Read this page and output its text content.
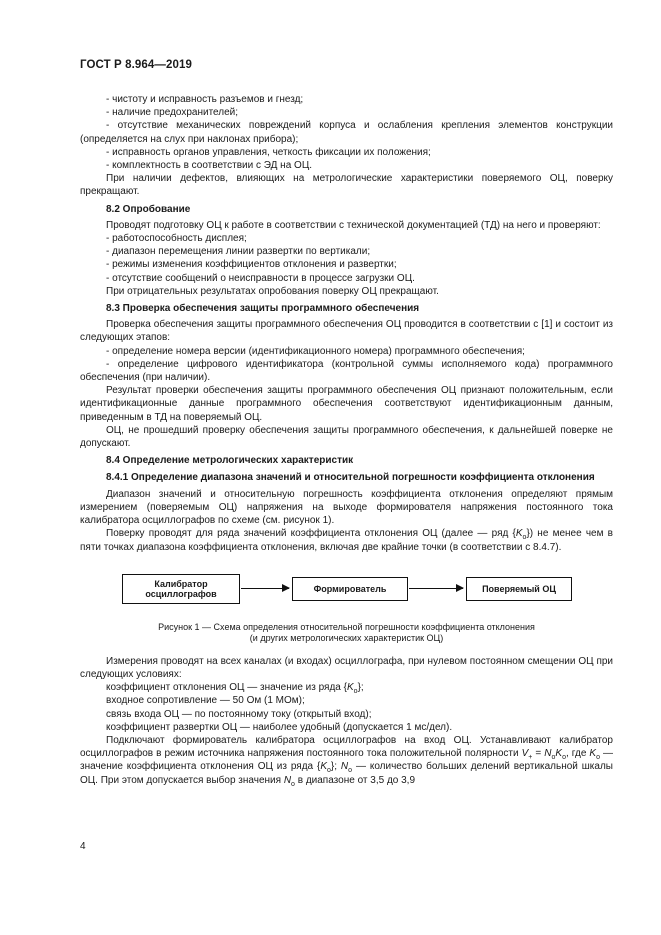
ГОСТ Р 8.964—2019

- чистоту и исправность разъемов и гнезд;

- наличие предохранителей;

- отсутствие механических повреждений корпуса и ослабления крепления элементов конструкции (определяется на слух при наклонах прибора);

- исправность органов управления, четкость фиксации их положения;

- комплектность в соответствии с ЭД на ОЦ.

При наличии дефектов, влияющих на метрологические характеристики поверяемого ОЦ, поверку прекращают.

8.2 Опробование

Проводят подготовку ОЦ к работе в соответствии с технической документацией (ТД) на него и проверяют:

- работоспособность дисплея;

- диапазон перемещения линии развертки по вертикали;

- режимы изменения коэффициентов отклонения и развертки;

- отсутствие сообщений о неисправности в процессе загрузки ОЦ.

При отрицательных результатах опробования поверку ОЦ прекращают.

8.3 Проверка обеспечения защиты программного обеспечения

Проверка обеспечения защиты программного обеспечения ОЦ проводится в соответствии с [1] и состоит из следующих этапов:

- определение номера версии (идентификационного номера) программного обеспечения;

- определение цифрового идентификатора (контрольной суммы исполняемого кода) программного обеспечения (при наличии).

Результат проверки обеспечения защиты программного обеспечения ОЦ признают положительным, если идентификационные данные программного обеспечения соответствуют идентификационным данным, приведенным в ТД на поверяемый ОЦ.

ОЦ, не прошедший проверку обеспечения защиты программного обеспечения, к дальнейшей поверке не допускают.

8.4 Определение метрологических характеристик

8.4.1 Определение диапазона значений и относительной погрешности коэффициента отклонения

Диапазон значений и относительную погрешность коэффициента отклонения определяют прямым измерением (поверяемым ОЦ) напряжения на выходе формирователя напряжения постоянного тока калибратора осциллографов по схеме (см. рисунок 1).

Поверку проводят для ряда значений коэффициента отклонения ОЦ (далее — ряд $\{K_о\}$) не менее чем в пяти точках диапазона коэффициента отклонения, включая две крайние точки (в соответствии с 8.4.7).

Калибратор осциллографов	Формирователь	Поверяемый ОЦ
Рисунок 1 — Схема определения относительной погрешности коэффициента отклонения
(и других метрологических характеристик ОЦ)

Измерения проводят на всех каналах (и входах) осциллографа, при нулевом постоянном смещении ОЦ при следующих условиях:

коэффициент отклонения ОЦ — значение из ряда $\{K_о\}$;

входное сопротивление — 50 Ом (1 МОм);

связь входа ОЦ — по постоянному току (открытый вход);

коэффициент развертки ОЦ — наиболее удобный (допускается 1 мс/дел).

Подключают формирователь калибратора осциллографов на вход ОЦ. Устанавливают калибратор осциллографов в режим источника напряжения постоянного тока положительной полярности $V_+ = N_оK_о$, где $K_о$ — значение коэффициента отклонения ОЦ из ряда $\{K_о\}$; $N_о$ — количество больших делений вертикальной шкалы ОЦ. При этом допускается выбор значения $N_о$ в диапазоне от 3,5 до 3,9

4
